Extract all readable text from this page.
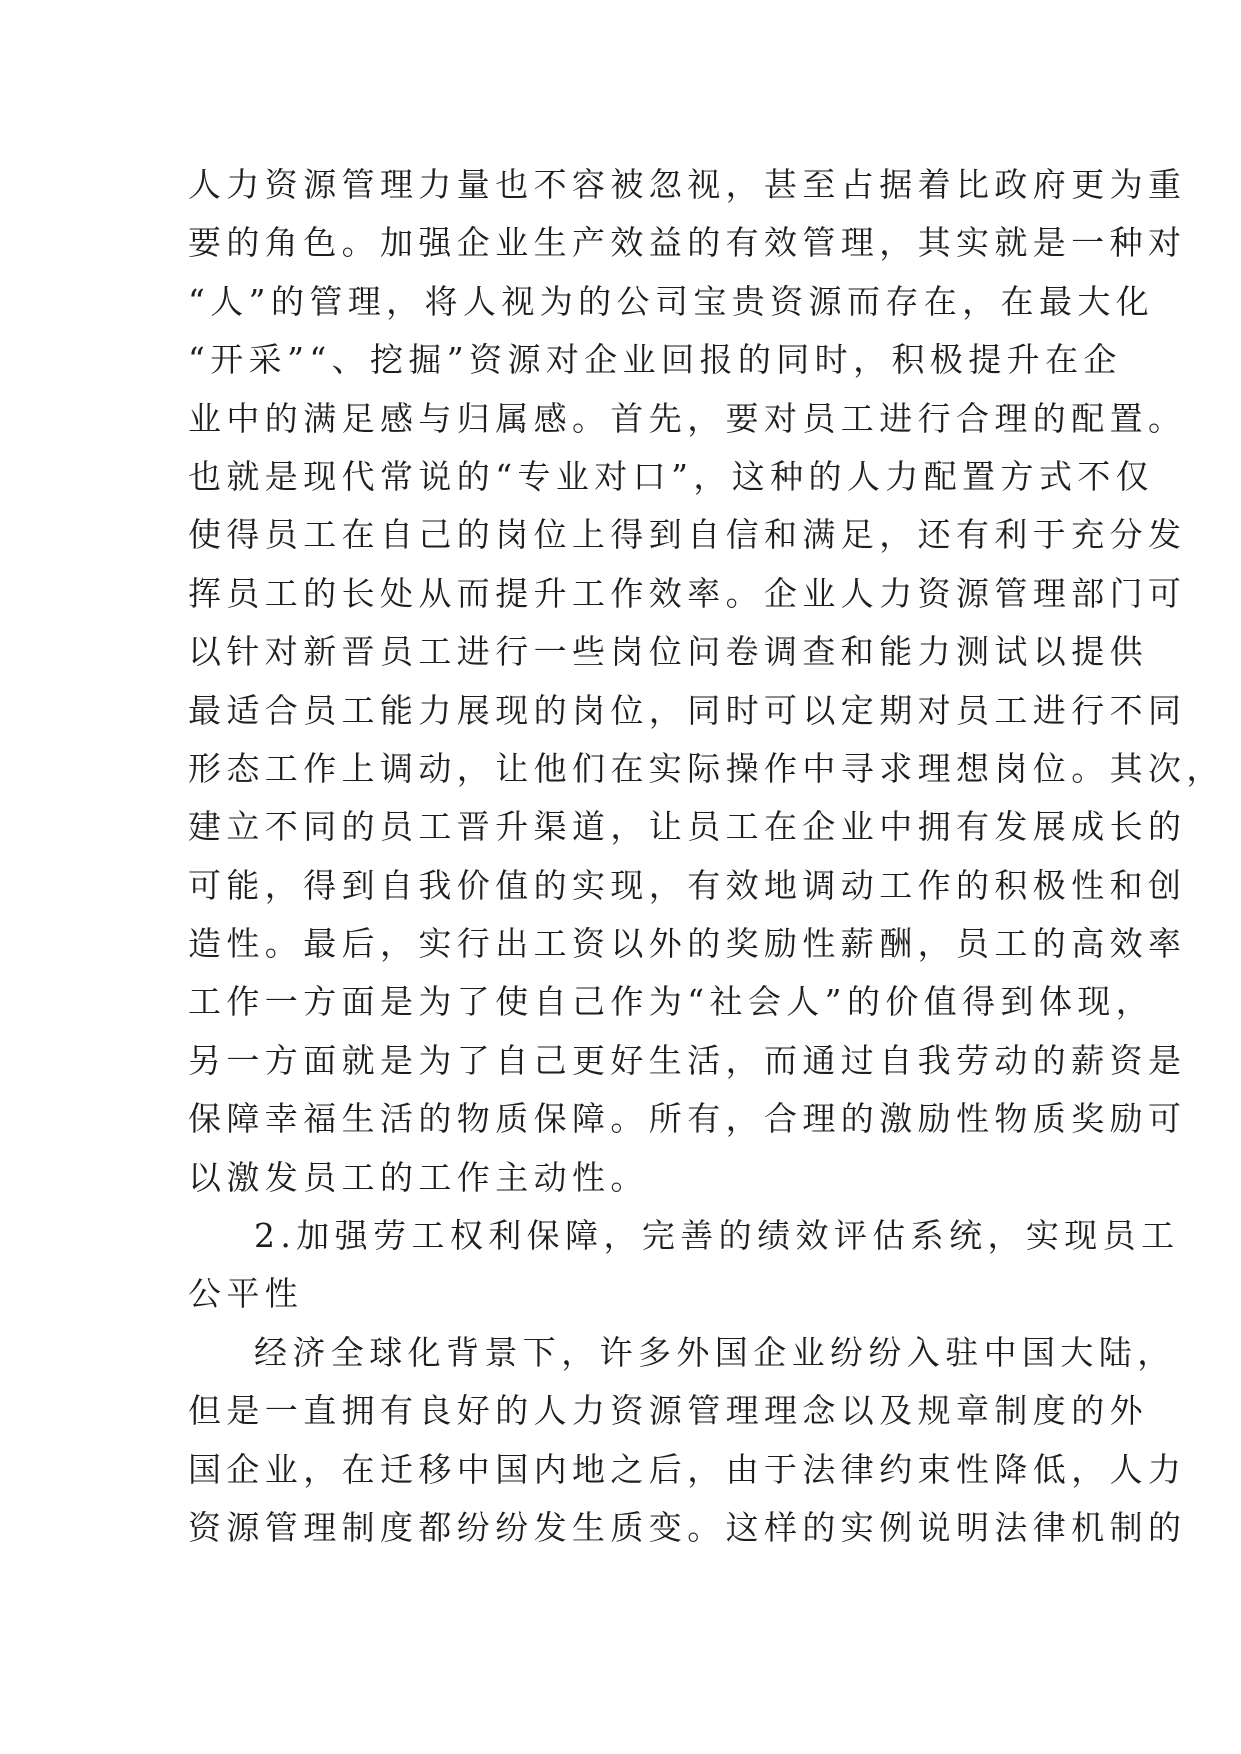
人力资源管理力量也不容被忽视，甚至占据着比政府更为重
要的角色。加强企业生产效益的有效管理，其实就是一种对
“人”的管理，将人视为的公司宝贵资源而存在，在最大化
“开采”“、挖掘”资源对企业回报的同时，积极提升在企
业中的满足感与归属感。首先，要对员工进行合理的配置。
也就是现代常说的“专业对口”，这种的人力配置方式不仅
使得员工在自己的岗位上得到自信和满足，还有利于充分发
挥员工的长处从而提升工作效率。企业人力资源管理部门可
以针对新晋员工进行一些岗位问卷调查和能力测试以提供
最适合员工能力展现的岗位，同时可以定期对员工进行不同
形态工作上调动，让他们在实际操作中寻求理想岗位。其次，
建立不同的员工晋升渠道，让员工在企业中拥有发展成长的
可能，得到自我价值的实现，有效地调动工作的积极性和创
造性。最后，实行出工资以外的奖励性薪酬，员工的高效率
工作一方面是为了使自己作为“社会人”的价值得到体现，
另一方面就是为了自己更好生活，而通过自我劳动的薪资是
保障幸福生活的物质保障。所有，合理的激励性物质奖励可
以激发员工的工作主动性。
2.加强劳工权利保障，完善的绩效评估系统，实现员工
公平性
经济全球化背景下，许多外国企业纷纷入驻中国大陆，
但是一直拥有良好的人力资源管理理念以及规章制度的外
国企业，在迁移中国内地之后，由于法律约束性降低，人力
资源管理制度都纷纷发生质变。这样的实例说明法律机制的
